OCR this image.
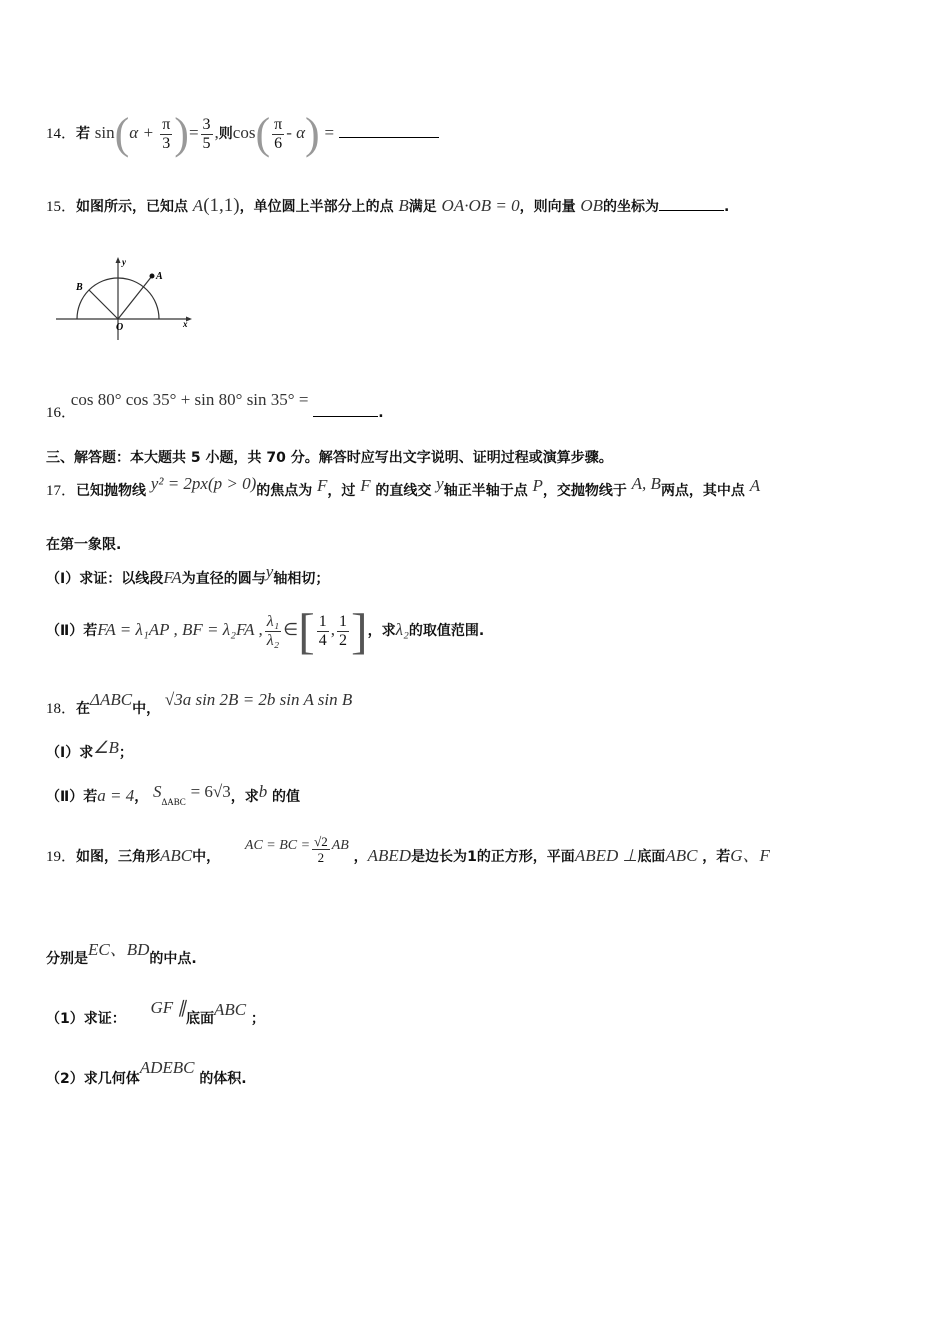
14．若 $\sin(\alpha + \frac{\pi}{3}$ )= $\frac{3}{5}$ ,则$\cos( \frac{\pi}{6} - \alpha)$ =
15．如图所示，已知点 A(1,1)，单位圆上半部分上的点 B满足 OA·OB = 0，则向量 OB的坐标为	.
y
A
B
O	x
16． cos 80° cos 35° + sin 80° sin 35° = .
三、解答题：本大题共 5 小题，共 70 分。解答时应写出文字说明、证明过程或演算步骤。
17．已知抛物线 y² = 2px(p > 0)的焦点为 F，过 F 的直线交 y轴正半轴于点 P，交抛物线于 A, B两点，其中点 A
在第一象限.
（Ⅰ）求证：以线段FA为直径的圆与y轴相切；
（Ⅱ）若FA = λ₁AP , BF = λ₂FA , $\frac{\text{λ₁}}{\text{λ₂}}$ ∈[ $\frac{1}{4}$ , $\frac{1}{2}$ ]，求λ₂的取值范围.
18．在ΔABC中， √3a sin 2B = 2b sin A sin B
（Ⅰ）求∠B；
（Ⅱ）若a = 4， $S_{\Delta ABC} = 6√3$，求b 的值
19．如图，三角形ABC中， AC = BC = $\frac{√2}{2}$ AB ，ABED是边长为1的正方形，平面ABED ⊥底面ABC ，若G、F
分别是EC、BD的中点.
（1）求证： GF ∥底面ABC ；
（2）求几何体ADEBC 的体积.
